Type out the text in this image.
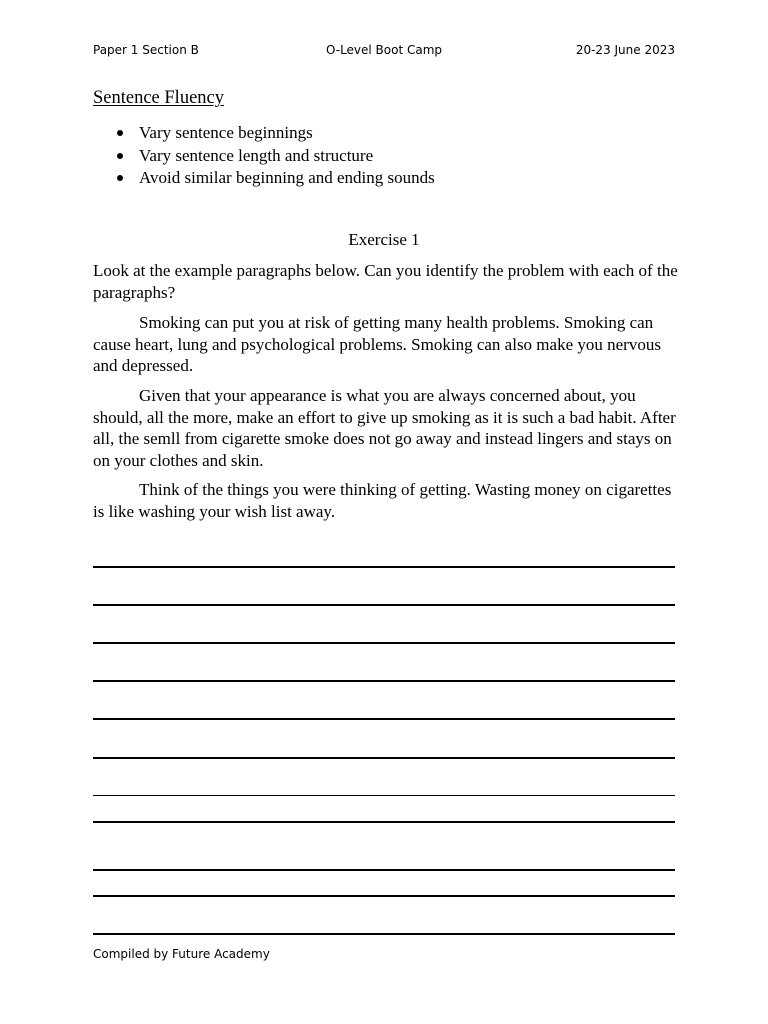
Paper 1 Section B	O-Level Boot Camp	20-23 June 2023
Sentence Fluency
Vary sentence beginnings
Vary sentence length and structure
Avoid similar beginning and ending sounds
Exercise 1

Look at the example paragraphs below. Can you identify the problem with each of the paragraphs?

Smoking can put you at risk of getting many health problems. Smoking can cause heart, lung and psychological problems. Smoking can also make you nervous and depressed.

Given that your appearance is what you are always concerned about, you should, all the more, make an effort to give up smoking as it is such a bad habit. After all, the semll from cigarette smoke does not go away and instead lingers and stays on on your clothes and skin.

Think of the things you were thinking of getting. Wasting money on cigarettes is like washing your wish list away.

Compiled by Future Academy
